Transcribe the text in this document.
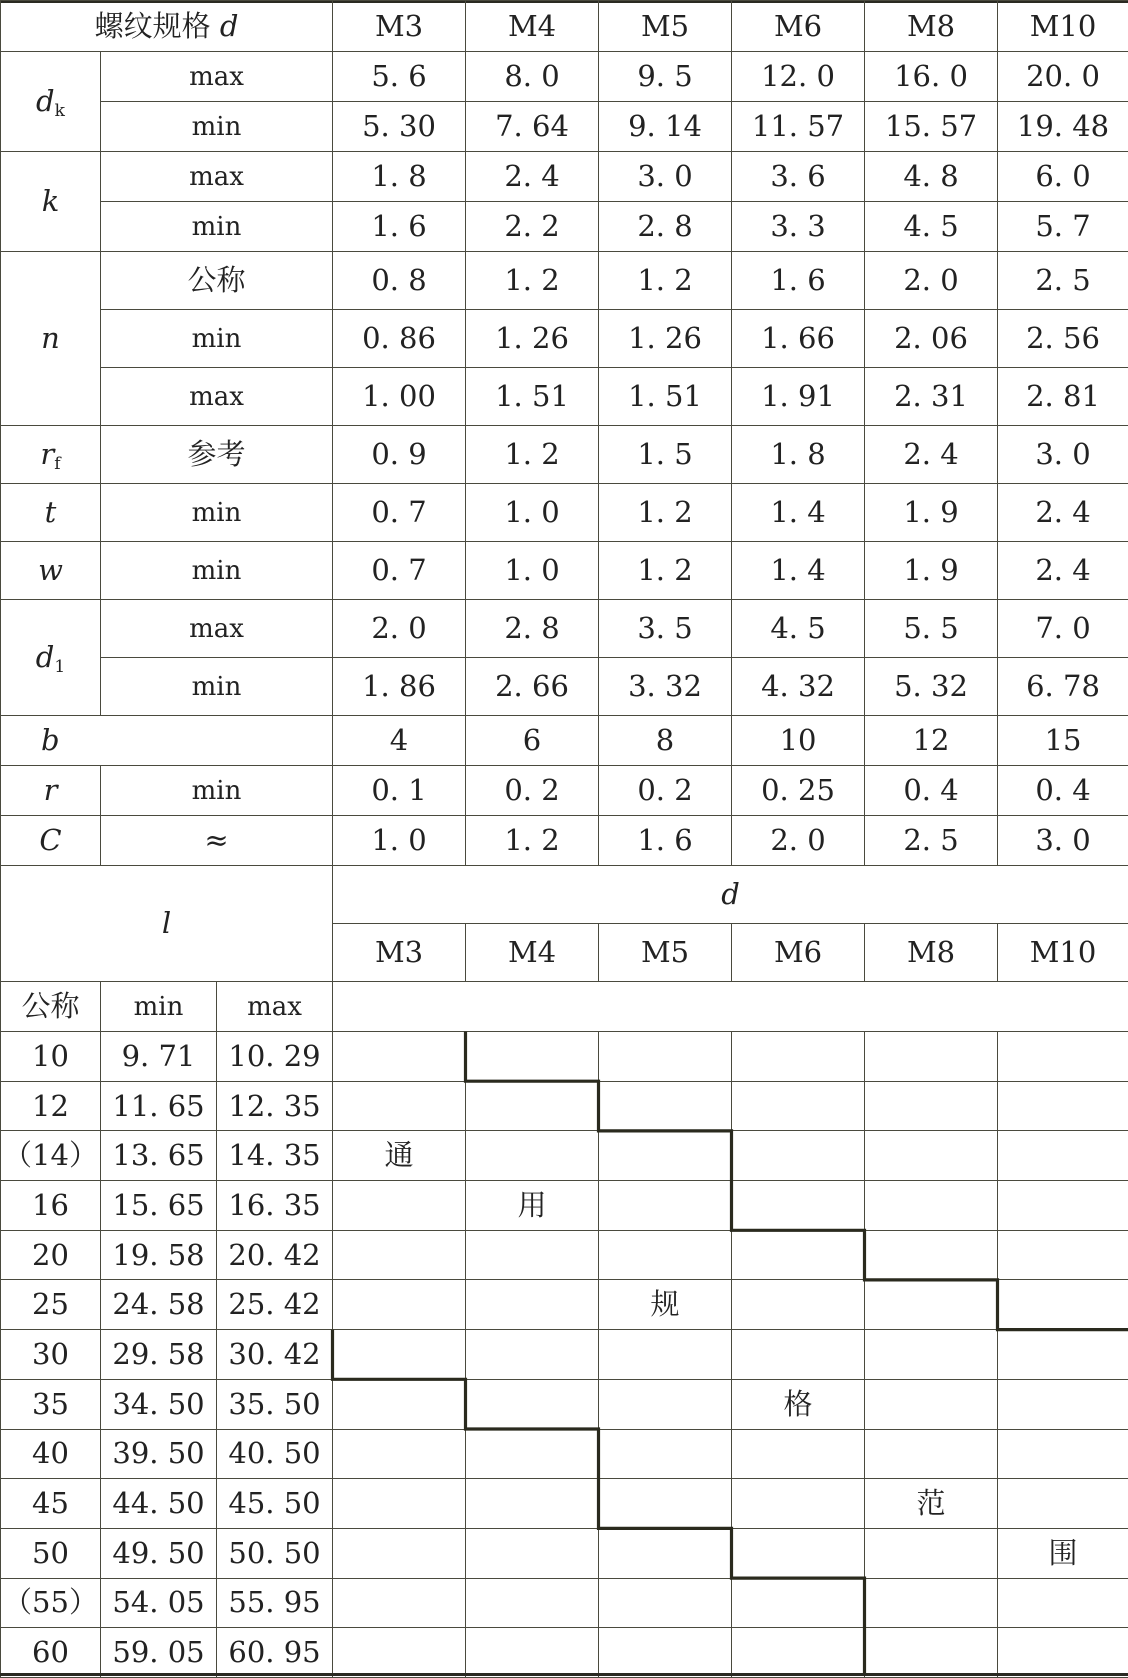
螺纹规格 d			M3	M4	M5	M6	M8	M10
$d_k$	max		5. 6	8. 0	9. 5	12. 0	16. 0	20. 0
	min		5. 30	7. 64	9. 14	11. 57	15. 57	19. 48
k	max		1. 8	2. 4	3. 0	3. 6	4. 8	6. 0
	min		1. 6	2. 2	2. 8	3. 3	4. 5	5. 7
n	公称		0. 8	1. 2	1. 2	1. 6	2. 0	2. 5
	min		0. 86	1. 26	1. 26	1. 66	2. 06	2. 56
	max		1. 00	1. 51	1. 51	1. 91	2. 31	2. 81
$r_f$	参考		0. 9	1. 2	1. 5	1. 8	2. 4	3. 0
t	min		0. 7	1. 0	1. 2	1. 4	1. 9	2. 4
w	min		0. 7	1. 0	1. 2	1. 4	1. 9	2. 4
$d_1$	max		2. 0	2. 8	3. 5	4. 5	5. 5	7. 0
	min		1. 86	2. 66	3. 32	4. 32	5. 32	6. 78
b			4	6	8	10	12	15
r	min		0. 1	0. 2	0. 2	0. 25	0. 4	0. 4
C	≈		1. 0	1. 2	1. 6	2. 0	2. 5	3. 0
l			d					
			M3	M4	M5	M6	M8	M10
公称	min	max						
10	9. 71	10. 29						
12	11. 65	12. 35						
（14）	13. 65	14. 35	通					
16	15. 65	16. 35		用				
20	19. 58	20. 42						
25	24. 58	25. 42			规			
30	29. 58	30. 42						
35	34. 50	35. 50				格		
40	39. 50	40. 50						
45	44. 50	45. 50					范	
50	49. 50	50. 50						围
（55）	54. 05	55. 95						
60	59. 05	60. 95						
